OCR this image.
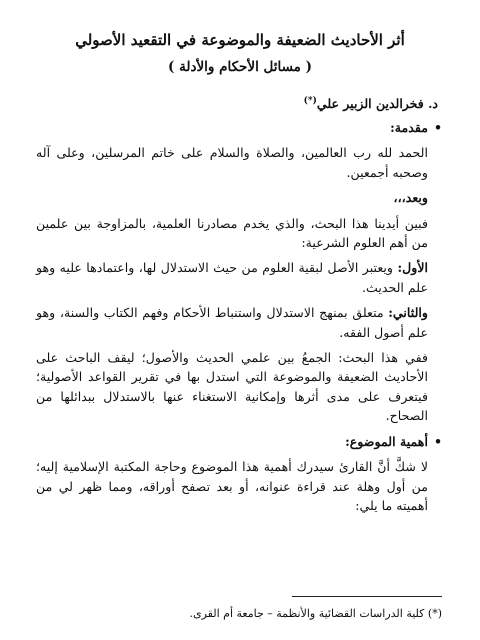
أثر الأحاديث الضعيفة والموضوعة في التقعيد الأصولي
( مسائل الأحكام والأدلة )
د. فخرالدين الزبير علي(*)

•مقدمة:

الحمد لله رب العالمين، والصلاة والسلام على خاتم المرسلين، وعلى آله وصحبه أجمعين.

وبعد،،،

فبين أيدينا هذا البحث، والذي يخدم مصادرنا العلمية، بالمزاوجة بين علمين من أهم العلوم الشرعية:

الأول: ويعتبر الأصل لبقية العلوم من حيث الاستدلال لها، واعتمادها عليه وهو علم الحديث.

والثاني: متعلق بمنهج الاستدلال واستنباط الأحكام وفهم الكتاب والسنة، وهو علم أصول الفقه.

ففي هذا البحث: الجمعُ بين علمي الحديث والأصول؛ ليقف الباحث على الأحاديث الضعيفة والموضوعة التي استدل بها في تقرير القواعد الأصولية؛ فيتعرف على مدى أثرها وإمكانية الاستغناء عنها بالاستدلال ببدائلها من الصحاح.

•أهمية الموضوع:

لا شكَّ أنَّ القارئ سيدرك أهمية هذا الموضوع وحاجة المكتبة الإسلامية إليه؛ من أول وهلة عند قراءة عنوانه، أو بعد تصفح أوراقه، ومما ظهر لي من أهميته ما يلي:

(*) كلية الدراسات القضائية والأنظمة – جامعة أم القرى.
